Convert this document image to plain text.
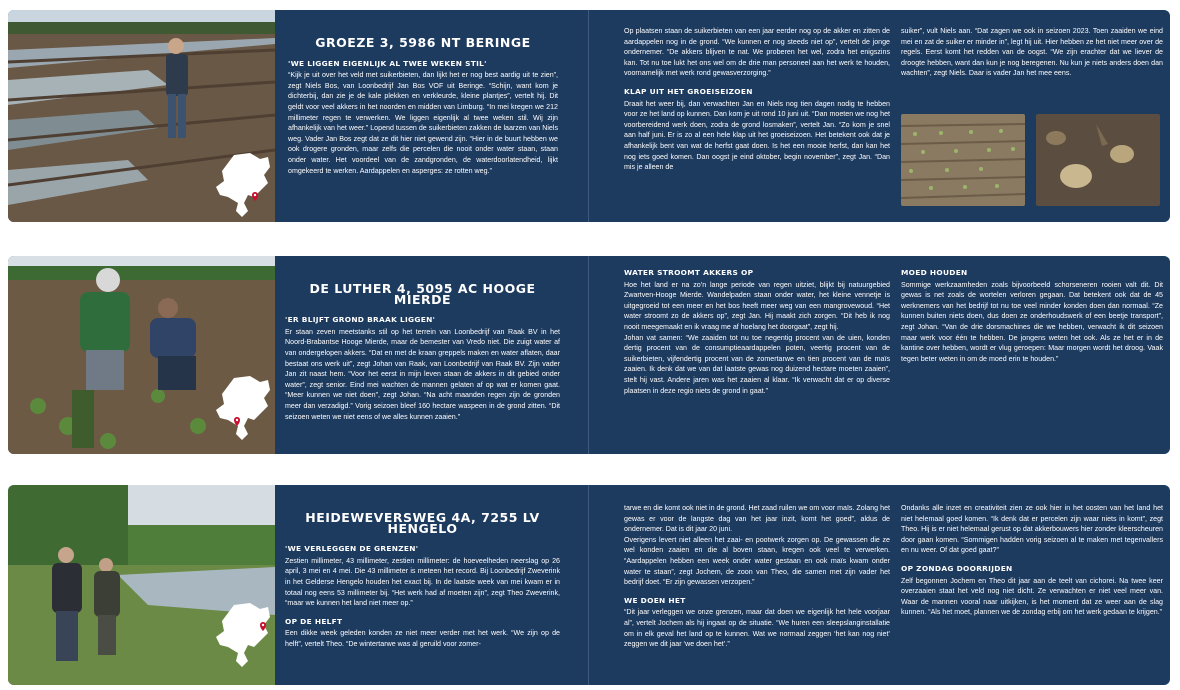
GROEZE 3, 5986 NT BERINGE
'WE LIGGEN EIGENLIJK AL TWEE WEKEN STIL'

“Kijk je uit over het veld met suikerbieten, dan lijkt het er nog best aardig uit te zien”, zegt Niels Bos, van Loonbedrijf Jan Bos VOF uit Beringe. “Schijn, want kom je dichterbij, dan zie je de kale plekken en verkleurde, kleine plantjes”, vertelt hij. Dit geldt voor veel akkers in het noorden en midden van Limburg. “In mei kregen we 212 millimeter regen te verwerken. We liggen eigenlijk al twee weken stil. Wij zijn afhankelijk van het weer.” Lopend tussen de suikerbieten zakken de laarzen van Niels weg. Vader Jan Bos zegt dat ze dit hier niet gewend zijn. “Hier in de buurt hebben we ook drogere gronden, maar zelfs die percelen die nooit onder water staan, staan onder water. Het voordeel van de zandgronden, de waterdoorlatendheid, lijkt omgekeerd te werken. Aardappelen en asperges: ze rotten weg.”

Op plaatsen staan de suikerbieten van een jaar eerder nog op de akker en zitten de aardappelen nog in de grond. “We kunnen er nog steeds niet op”, vertelt de jonge ondernemer. “De akkers blijven te nat. We proberen het wel, zodra het enigszins kan. Tot nu toe lukt het ons wel om de drie man personeel aan het werk te houden, voornamelijk met werk rond gewasverzorging.”

KLAP UIT HET GROEISEIZOEN

Draait het weer bij, dan verwachten Jan en Niels nog tien dagen nodig te hebben voor ze het land op kunnen. Dan kom je uit rond 10 juni uit. “Dan moeten we nog het voorbereidend werk doen, zodra de grond losmaken”, vertelt Jan. “Zo kom je snel aan half juni. Er is zo al een hele klap uit het groeiseizoen. Het betekent ook dat je afhankelijk bent van wat de herfst gaat doen. Is het een mooie herfst, dan kan het nog iets goed komen. Dan oogst je eind oktober, begin november”, zegt Jan. “Dan mis je alleen de

suiker”, vult Niels aan. “Dat zagen we ook in seizoen 2023. Toen zaaiden we eind mei en zat de suiker er minder in”, legt hij uit. Hier hebben ze het niet meer over de regels. Eerst komt het redden van de oogst. “We zijn erachter dat we liever de droogte hebben, want dan kun je nog beregenen. Nu kun je niets anders doen dan wachten”, zegt Niels. Daar is vader Jan het mee eens.

DE LUTHER 4, 5095 AC HOOGE MIERDE
'ER BLIJFT GROND BRAAK LIGGEN'

Er staan zeven meetstanks stil op het terrein van Loonbedrijf van Raak BV in het Noord-Brabantse Hooge Mierde, maar de bemester van Vredo niet. Die zuigt water af van ondergelopen akkers. “Dat en met de kraan greppels maken en water aflaten, daar bestaat ons werk uit”, zegt Johan van Raak, van Loonbedrijf van Raak BV. Zijn vader Jan zit naast hem. “Voor het eerst in mijn leven staan de akkers in dit gebied onder water”, zegt senior. Eind mei wachten de mannen gelaten af op wat er komen gaat. “Meer kunnen we niet doen”, zegt Johan. “Na acht maanden regen zijn de gronden meer dan verzadigd.” Vorig seizoen bleef 160 hectare waspeen in de grond zitten. “Dit seizoen weten we niet eens of we alles kunnen zaaien.”

WATER STROOMT AKKERS OP

Hoe het land er na zo’n lange periode van regen uitziet, blijkt bij natuurgebied Zwartven-Hooge Mierde. Wandelpaden staan onder water, het kleine vennetje is uitgegroeid tot een meer en het bos heeft meer weg van een mangrovewoud. “Het water stroomt zo de akkers op”, zegt Jan. Hij maakt zich zorgen. “Dit heb ik nog nooit meegemaakt en ik vraag me af hoelang het doorgaat”, zegt hij.
Johan vat samen: “We zaaiden tot nu toe negentig procent van de uien, konden dertig procent van de consumptieaardappelen poten, veertig procent van de suikerbieten, vijfendertig procent van de zomertarwe en tien procent van de maïs zaaien. Ik denk dat we van dat laatste gewas nog duizend hectare moeten zaaien”, stelt hij vast. Andere jaren was het zaaien al klaar. “Ik verwacht dat er op diverse plaatsen in deze regio niets de grond in gaat.”

MOED HOUDEN

Sommige werkzaamheden zoals bijvoorbeeld schorseneren rooien valt dit. Dit gewas is net zoals de wortelen verloren gegaan. Dat betekent ook dat de 45 werknemers van het bedrijf tot nu toe veel minder konden doen dan normaal. “Ze kunnen buiten niets doen, dus doen ze onderhoudswerk of een beetje transport”, zegt Johan. “Van de drie dorsmachines die we hebben, verwacht ik dit seizoen maar werk voor één te hebben. De jongens weten het ook. Als ze het er in de kantine over hebben, wordt er vlug geroepen: Maar morgen wordt het droog. Vaak tegen beter weten in om de moed erin te houden.”

HEIDEWEVERSWEG 4A, 7255 LV HENGELO
'WE VERLEGGEN DE GRENZEN'

Zestien millimeter, 43 millimeter, zestien millimeter: de hoeveelheden neerslag op 26 april, 3 mei en 4 mei. Die 43 millimeter is meteen het record. Bij Loonbedrijf Zweverink in het Gelderse Hengelo houden het exact bij. In de laatste week van mei kwam er in totaal nog eens 53 millimeter bij. “Het werk had af moeten zijn”, zegt Theo Zweverink, “maar we kunnen het land niet meer op.”

OP DE HELFT

Een dikke week geleden konden ze niet meer verder met het werk. “We zijn op de helft”, vertelt Theo. “De wintertarwe was al geruild voor zomer-

tarwe en die komt ook niet in de grond. Het zaad ruilen we om voor maïs. Zolang het gewas er voor de langste dag van het jaar inzit, komt het goed”, aldus de ondernemer. Dat is dit jaar 20 juni.
Overigens levert niet alleen het zaai- en pootwerk zorgen op. De gewassen die ze wel konden zaaien en die al boven staan, kregen ook veel te verwerken. “Aardappelen hebben een week onder water gestaan en ook maïs kwam onder water te staan”, zegt Jochem, de zoon van Theo, die samen met zijn vader het bedrijf doet. “Er zijn gewassen verzopen.”

WE DOEN HET

“Dit jaar verleggen we onze grenzen, maar dat doen we eigenlijk het hele voorjaar al”, vertelt Jochem als hij ingaat op de situatie. “We huren een sleepslanginstallatie om in elk geval het land op te kunnen. Wat we normaal zeggen ‘het kan nog niet’ zeggen we dit jaar ‘we doen het’.”

Ondanks alle inzet en creativiteit zien ze ook hier in het oosten van het land het niet helemaal goed komen. “Ik denk dat er percelen zijn waar niets in komt”, zegt Theo. Hij is er niet helemaal gerust op dat akkerbouwers hier zonder kleerscheuren door gaan komen. “Sommigen hadden vorig seizoen al te maken met tegenvallers en nu weer. Of dat goed gaat?”

OP ZONDAG DOORRIJDEN

Zelf begonnen Jochem en Theo dit jaar aan de teelt van cichorei. Na twee keer overzaaien staat het veld nog niet dicht. Ze verwachten er niet veel meer van. Waar de mannen vooral naar uitkijken, is het moment dat ze weer aan de slag kunnen. “Als het moet, plannen we de zondag erbij om het werk gedaan te krijgen.”
